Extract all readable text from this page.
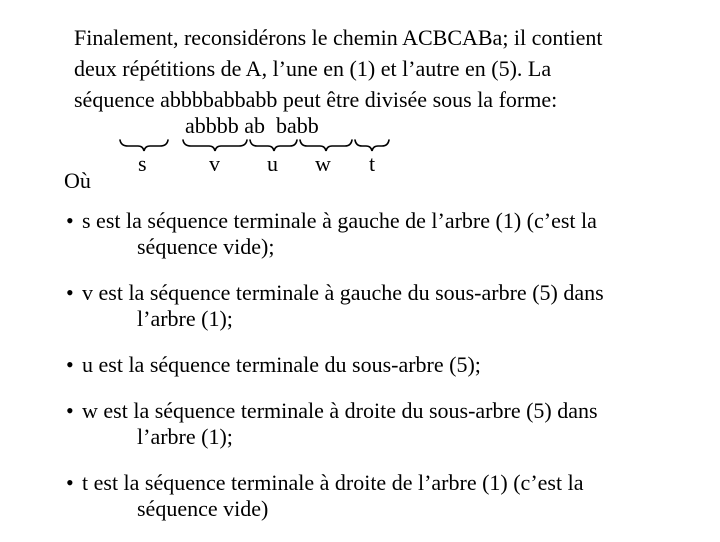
Finalement, reconsidérons le chemin ACBCABa; il contient
deux répétitions de A, l’une en (1) et l’autre en (5). La
séquence abbbbabbabb peut être divisée sous la forme:
abbbb ab  babb
s	v u w t
Où
• s est la séquence terminale à gauche de l’arbre (1) (c’est la
séquence vide);
• v est la séquence terminale à gauche du sous-arbre (5) dans
l’arbre (1);
• u est la séquence terminale du sous-arbre (5);
• w est la séquence terminale à droite du sous-arbre (5) dans
l’arbre (1);
• t est la séquence terminale à droite de l’arbre (1) (c’est la
séquence vide)
